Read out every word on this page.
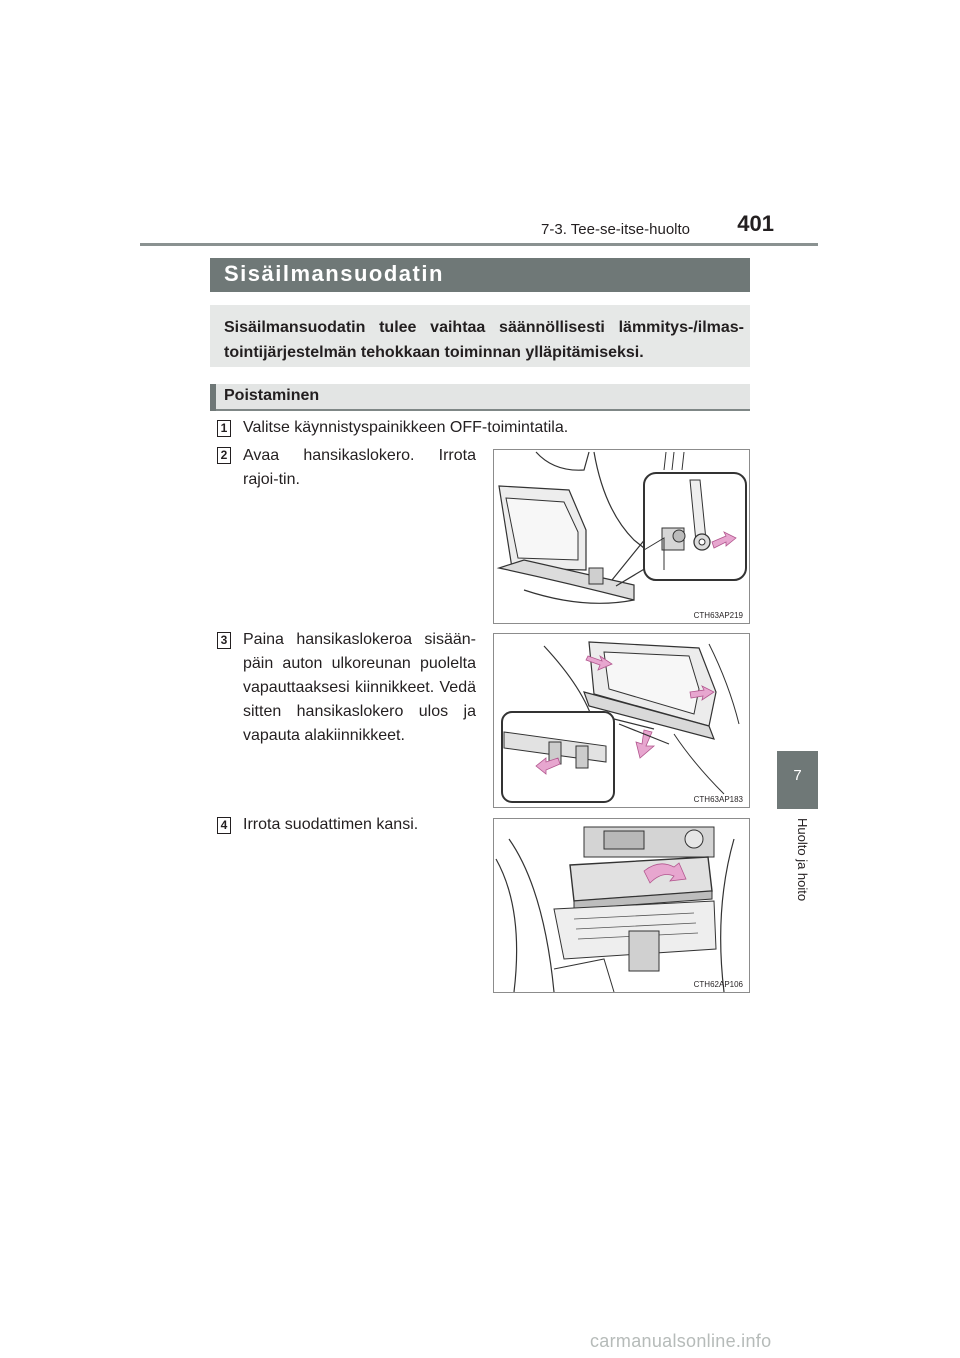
401
7-3. Tee-se-itse-huolto
Sisäilmansuodatin
Sisäilmansuodatin tulee vaihtaa säännöllisesti lämmitys-/ilmas-tointijärjestelmän tehokkaan toiminnan ylläpitämiseksi.
Poistaminen
1 Valitse käynnistyspainikkeen OFF-toimintatila.
2 Avaa hansikaslokero. Irrota rajoi-tin.
CTH63AP219
3 Paina hansikaslokeroa sisään-päin auton ulkoreunan puolelta vapauttaaksesi kiinnikkeet. Vedä sitten hansikaslokero ulos ja vapauta alakiinnikkeet.
CTH63AP183
4 Irrota suodattimen kansi.
CTH62AP106
7
Huolto ja hoito
carmanualsonline.info
